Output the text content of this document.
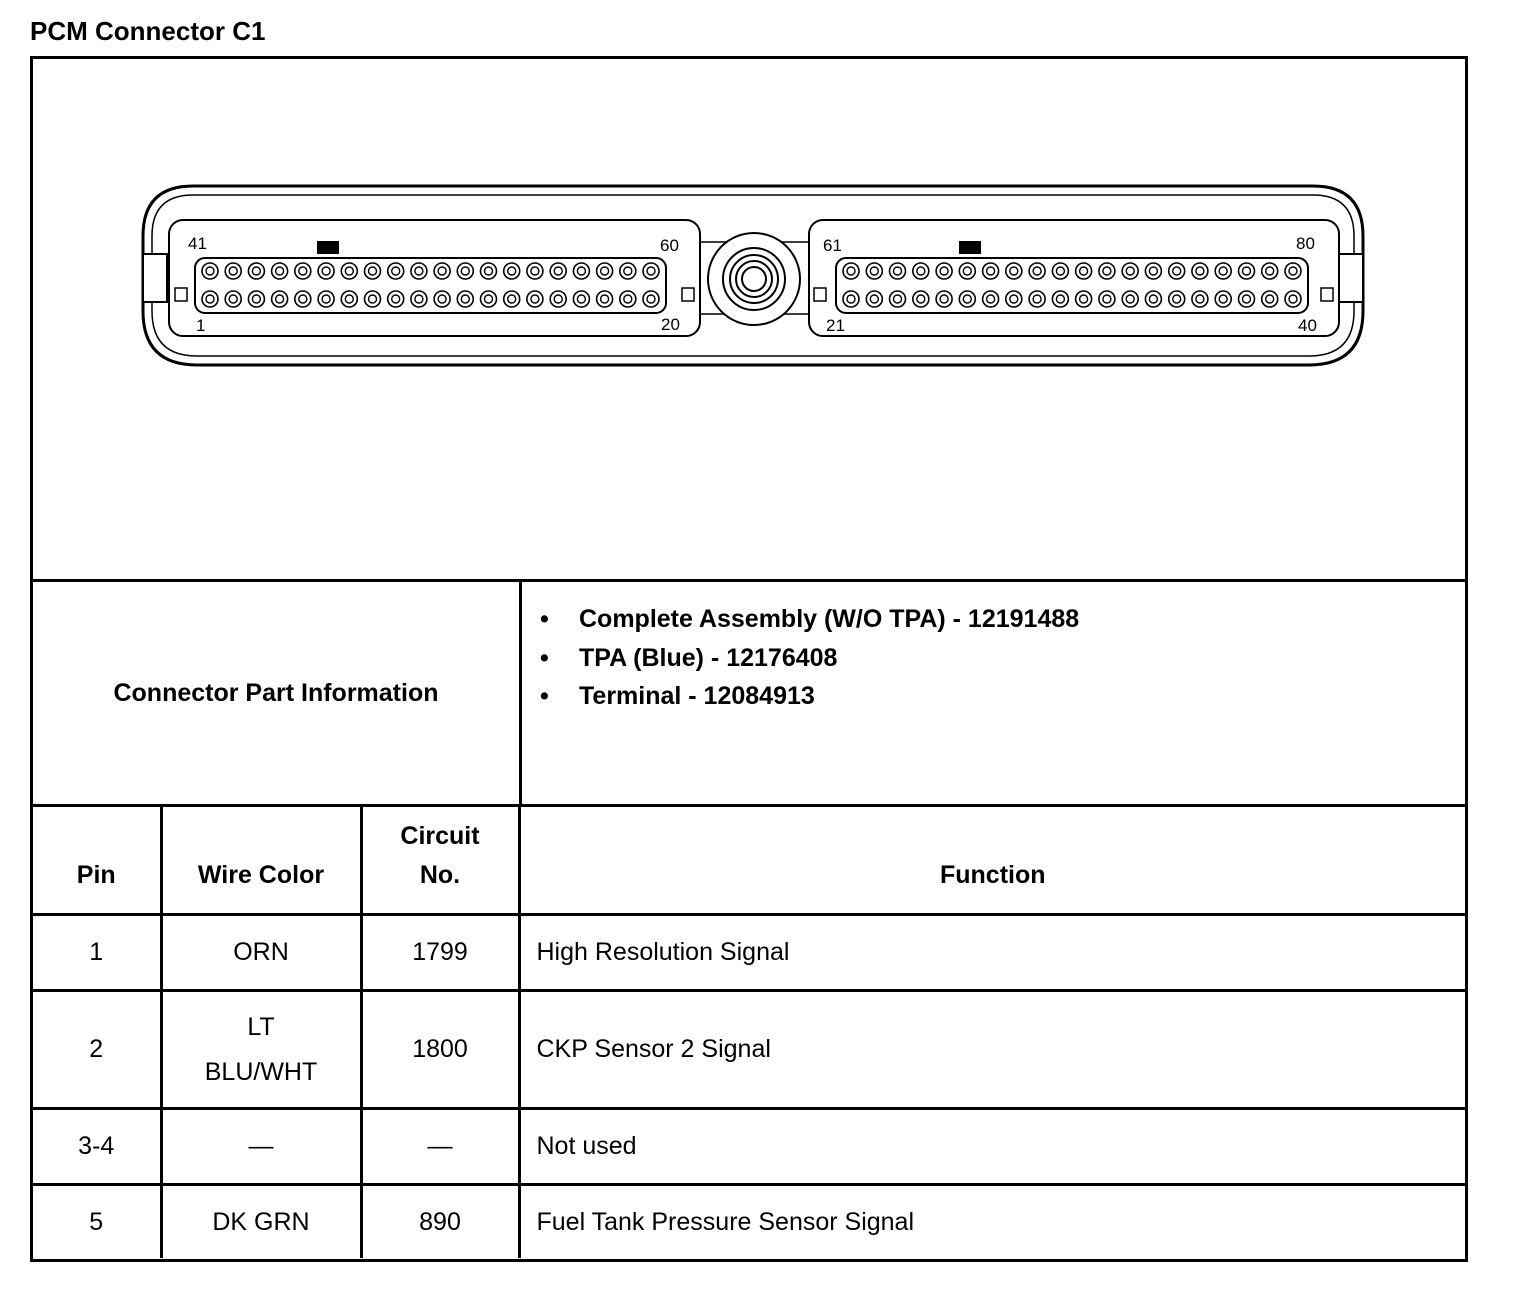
PCM Connector C1
41	60
1	20
61	80
21	40
Connector Part Information
• Complete Assembly (W/O TPA) - 12191488
• TPA (Blue) - 12176408
• Terminal - 12084913
Pin	Wire Color	Circuit
No.	Function
1	ORN	1799	High Resolution Signal
2	LT
BLU/WHT	1800	CKP Sensor 2 Signal
3-4	—	—	Not used
5	DK GRN	890	Fuel Tank Pressure Sensor Signal
